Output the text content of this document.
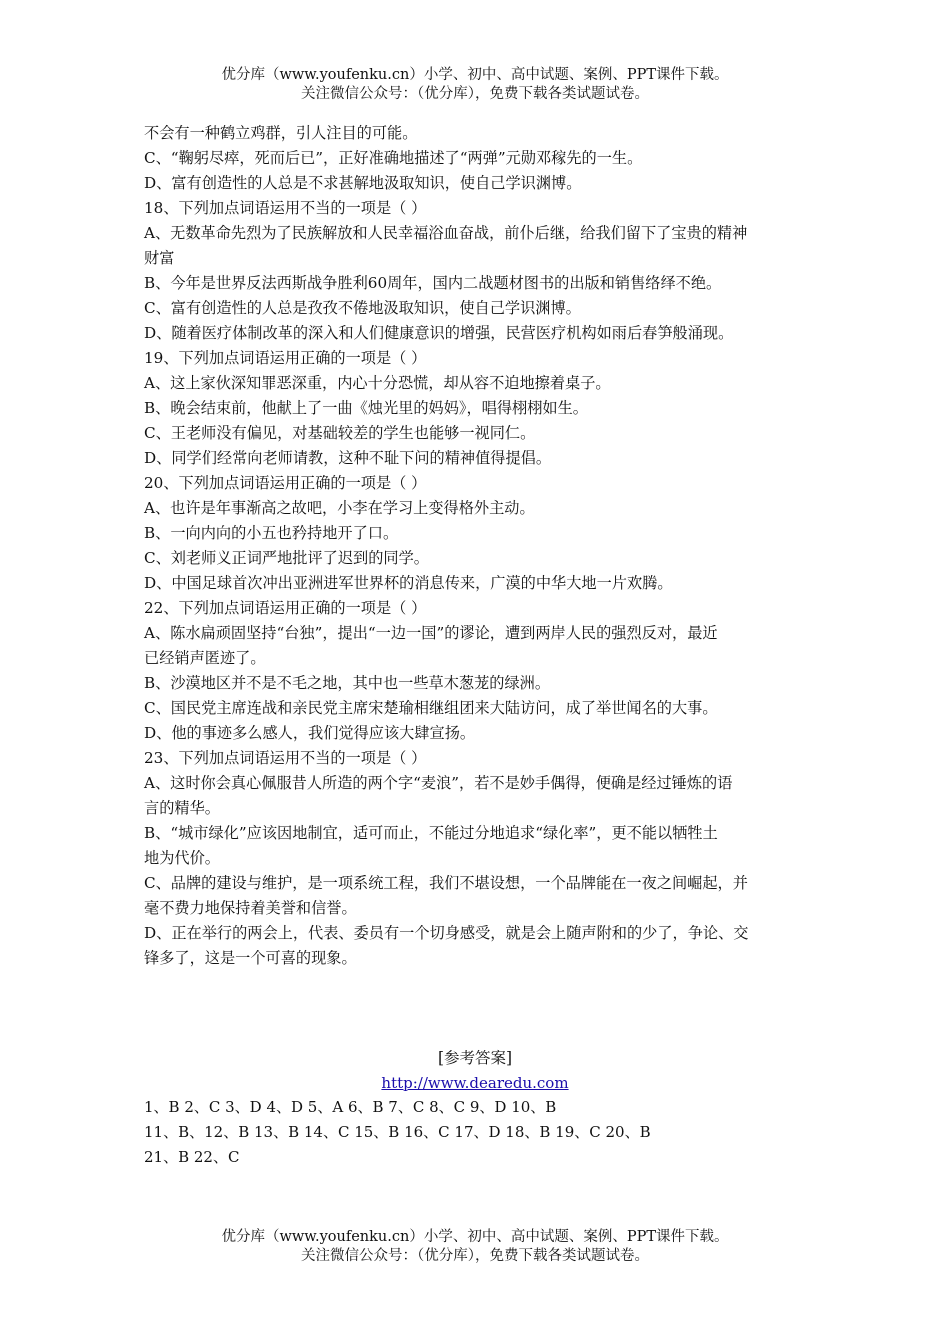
优分库（www.youfenku.cn）小学、初中、高中试题、案例、PPT课件下载。
关注微信公众号：（优分库），免费下载各类试题试卷。
不会有一种鹤立鸡群，引人注目的可能。
C、“鞠躬尽瘁，死而后已”，正好准确地描述了“两弹”元勋邓稼先的一生。
D、富有创造性的人总是不求甚解地汲取知识，使自己学识渊博。
18、下列加点词语运用不当的一项是（ ）
A、无数革命先烈为了民族解放和人民幸福浴血奋战，前仆后继，给我们留下了宝贵的精神
财富
B、今年是世界反法西斯战争胜利60周年，国内二战题材图书的出版和销售络绎不绝。
C、富有创造性的人总是孜孜不倦地汲取知识，使自己学识渊博。
D、随着医疗体制改革的深入和人们健康意识的增强，民营医疗机构如雨后春笋般涌现。
19、下列加点词语运用正确的一项是（ ）
A、这上家伙深知罪恶深重，内心十分恐慌，却从容不迫地擦着桌子。
B、晚会结束前，他献上了一曲《烛光里的妈妈》，唱得栩栩如生。
C、王老师没有偏见，对基础较差的学生也能够一视同仁。
D、同学们经常向老师请教，这种不耻下问的精神值得提倡。
20、下列加点词语运用正确的一项是（ ）
A、也许是年事渐高之故吧，小李在学习上变得格外主动。
B、一向内向的小五也矜持地开了口。
C、刘老师义正词严地批评了迟到的同学。
D、中国足球首次冲出亚洲进军世界杯的消息传来，广漠的中华大地一片欢腾。
22、下列加点词语运用正确的一项是（ ）
A、陈水扁顽固坚持“台独”，提出“一边一国”的谬论，遭到两岸人民的强烈反对，最近
已经销声匿迹了。
B、沙漠地区并不是不毛之地，其中也一些草木葱茏的绿洲。
C、国民党主席连战和亲民党主席宋楚瑜相继组团来大陆访问，成了举世闻名的大事。
D、他的事迹多么感人，我们觉得应该大肆宣扬。
23、下列加点词语运用不当的一项是（ ）
A、这时你会真心佩服昔人所造的两个字“麦浪”，若不是妙手偶得，便确是经过锤炼的语
言的精华。
B、“城市绿化”应该因地制宜，适可而止，不能过分地追求“绿化率”，更不能以牺牲土
地为代价。
C、品牌的建设与维护，是一项系统工程，我们不堪设想，一个品牌能在一夜之间崛起，并
毫不费力地保持着美誉和信誉。
D、正在举行的两会上，代表、委员有一个切身感受，就是会上随声附和的少了，争论、交
锋多了，这是一个可喜的现象。
[参考答案]
http://www.dearedu.com
1、B 2、C 3、D 4、D 5、A 6、B 7、C 8、C 9、D 10、B
11、B、12、B 13、B 14、C 15、B 16、C 17、D 18、B 19、C 20、B
21、B 22、C
优分库（www.youfenku.cn）小学、初中、高中试题、案例、PPT课件下载。
关注微信公众号：（优分库），免费下载各类试题试卷。
